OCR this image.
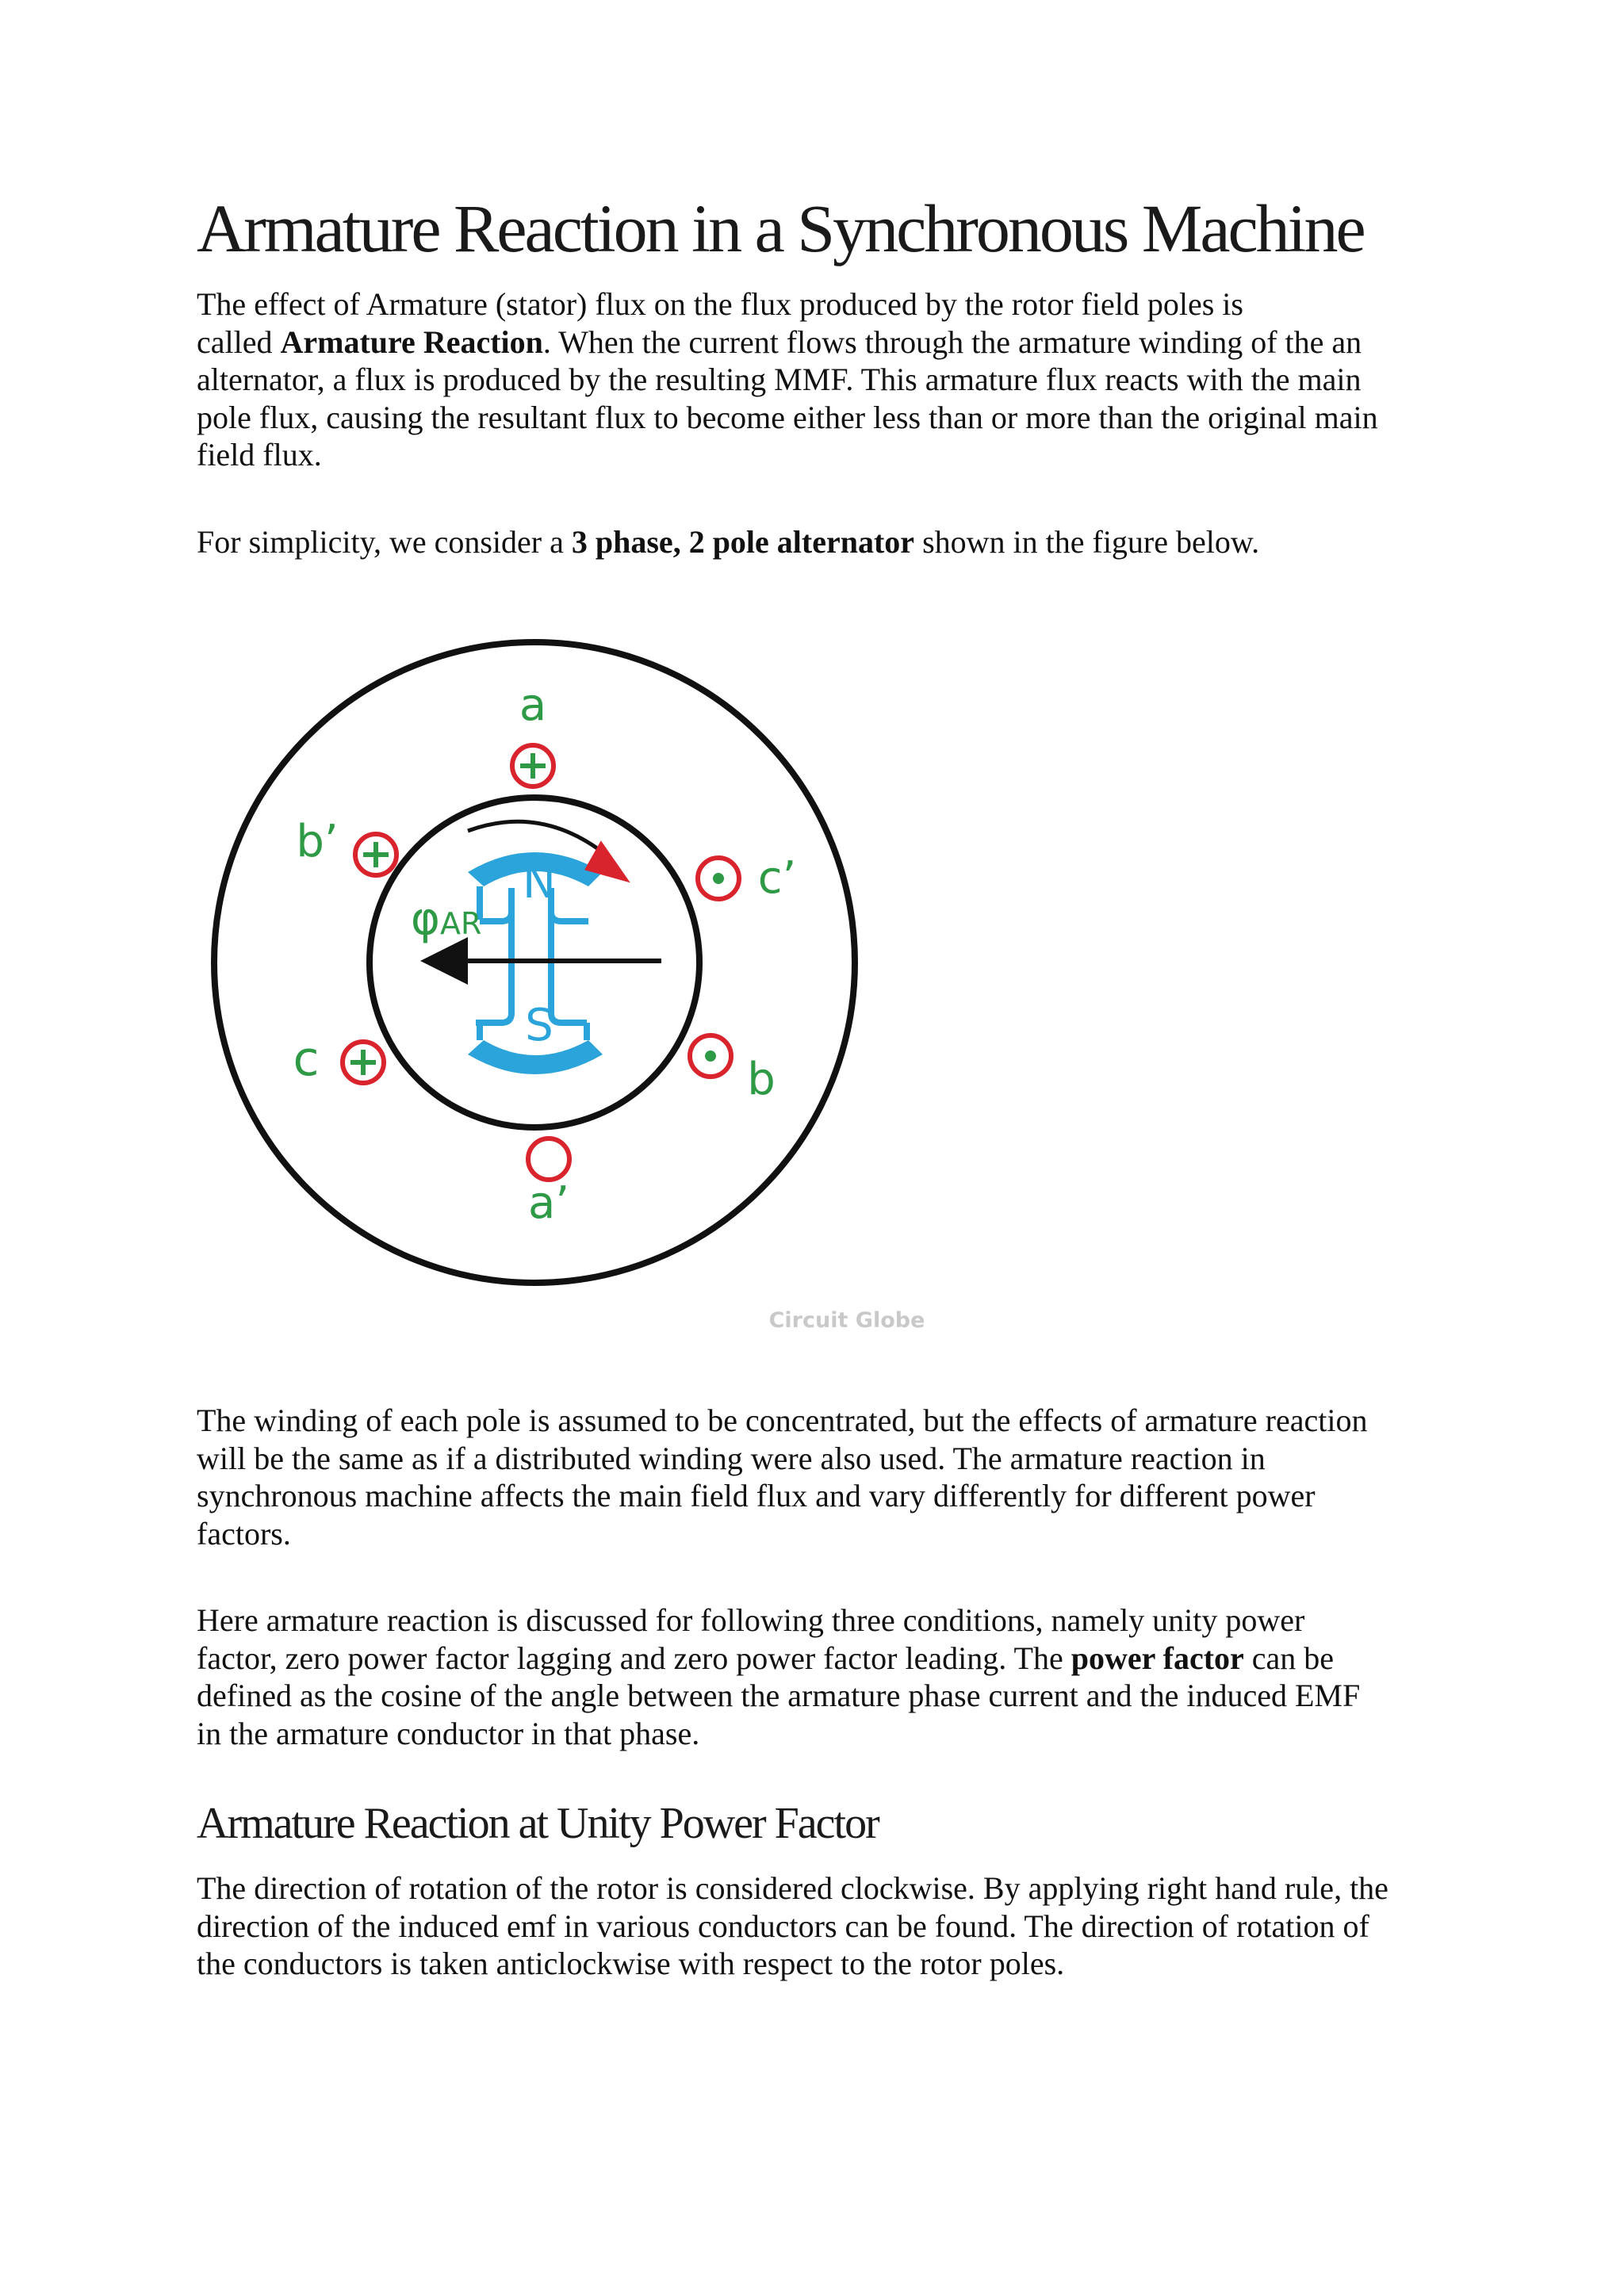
Armature Reaction in a Synchronous Machine

The effect of Armature (stator) flux on the flux produced by the rotor field poles is
called Armature Reaction. When the current flows through the armature winding of the an
alternator, a flux is produced by the resulting MMF. This armature flux reacts with the main
pole flux, causing the resultant flux to become either less than or more than the original main
field flux.

For simplicity, we consider a 3 phase, 2 pole alternator shown in the figure below.

N
S
φAR
a
b’
c’
c	b
a’
Circuit Globe

The winding of each pole is assumed to be concentrated, but the effects of armature reaction
will be the same as if a distributed winding were also used. The armature reaction in
synchronous machine affects the main field flux and vary differently for different power
factors.

Here armature reaction is discussed for following three conditions, namely unity power
factor, zero power factor lagging and zero power factor leading. The power factor can be
defined as the cosine of the angle between the armature phase current and the induced EMF
in the armature conductor in that phase.

Armature Reaction at Unity Power Factor

The direction of rotation of the rotor is considered clockwise. By applying right hand rule, the
direction of the induced emf in various conductors can be found. The direction of rotation of
the conductors is taken anticlockwise with respect to the rotor poles.
